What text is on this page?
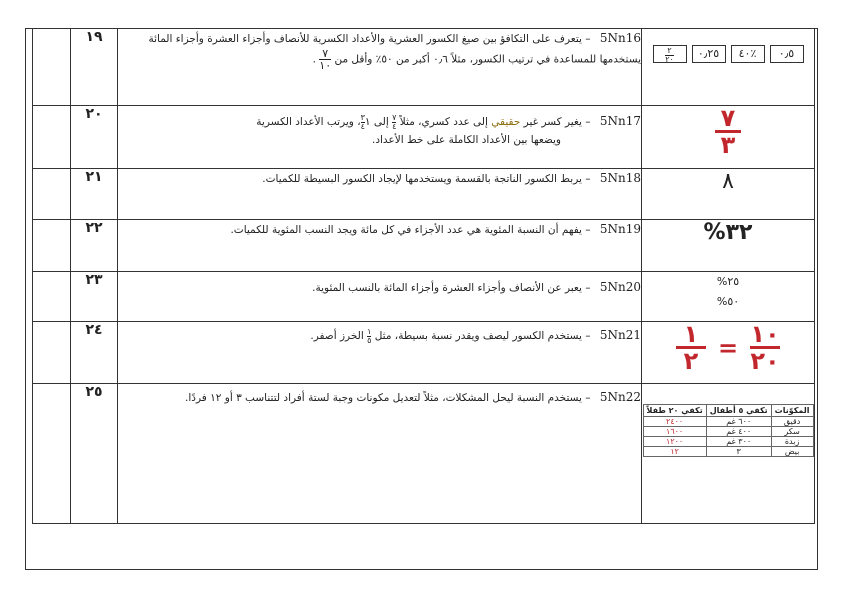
	١٩	5Nn16 – يتعرف على التكافؤ بين صيغ الكسور العشرية والأعداد الكسرية للأنصاف وأجزاء العشرة وأجزاء المائة
يستخدمها للمساعدة في ترتيب الكسور، مثلاً ٠٫٦ أكبر من ٥٠٪ وأقل من
$\frac{٧}{١٠}$
.	$\frac{٢}{٢٠}$	٠٫٢٥	٤٠٪	٠٫٥

	٢٠	5Nn17 – يغير كسر غير حقيقي إلى عدد كسري، مثلاً
$\frac{٧}{٤}$
إلى ١
$\frac{٣}{٤}$
، ويرتب الأعداد الكسرية
ويضعها بين الأعداد الكاملة على خط الأعداد.	$\frac{٧}{٣}$

	٢١	5Nn18 – يربط الكسور الناتجة بالقسمة ويستخدمها لإيجاد الكسور البسيطة للكميات.	٨
	٢٢	5Nn19 – يفهم أن النسبة المئوية هي عدد الأجزاء في كل مائة ويجد النسب المئوية للكميات.	%٣٢
	٢٣	5Nn20 – يعبر عن الأنصاف وأجزاء العشرة وأجزاء المائة بالنسب المئوية.	%٢٥
%٥٠

	٢٤	5Nn21 – يستخدم الكسور ليصف ويقدر نسبة بسيطة، مثل
$\frac{١}{٥}$
الخرز أصفر.	$\frac{١}{٢} = \frac{١٠}{٢٠}$

	٢٥	5Nn22 – يستخدم النسبة ليحل المشكلات، مثلاً لتعديل مكونات وجبة لستة أفراد لتتناسب ٣ أو ١٢ فردًا.

المكوّنات	تكفي ٥ أطفال	تكفي ٢٠ طفلاً
دقيق	٦٠٠ غم	٢٤٠٠
سكر	٤٠٠ غم	١٦٠٠
زبدة	٣٠٠ غم	١٢٠٠
بيض	٣	١٢
